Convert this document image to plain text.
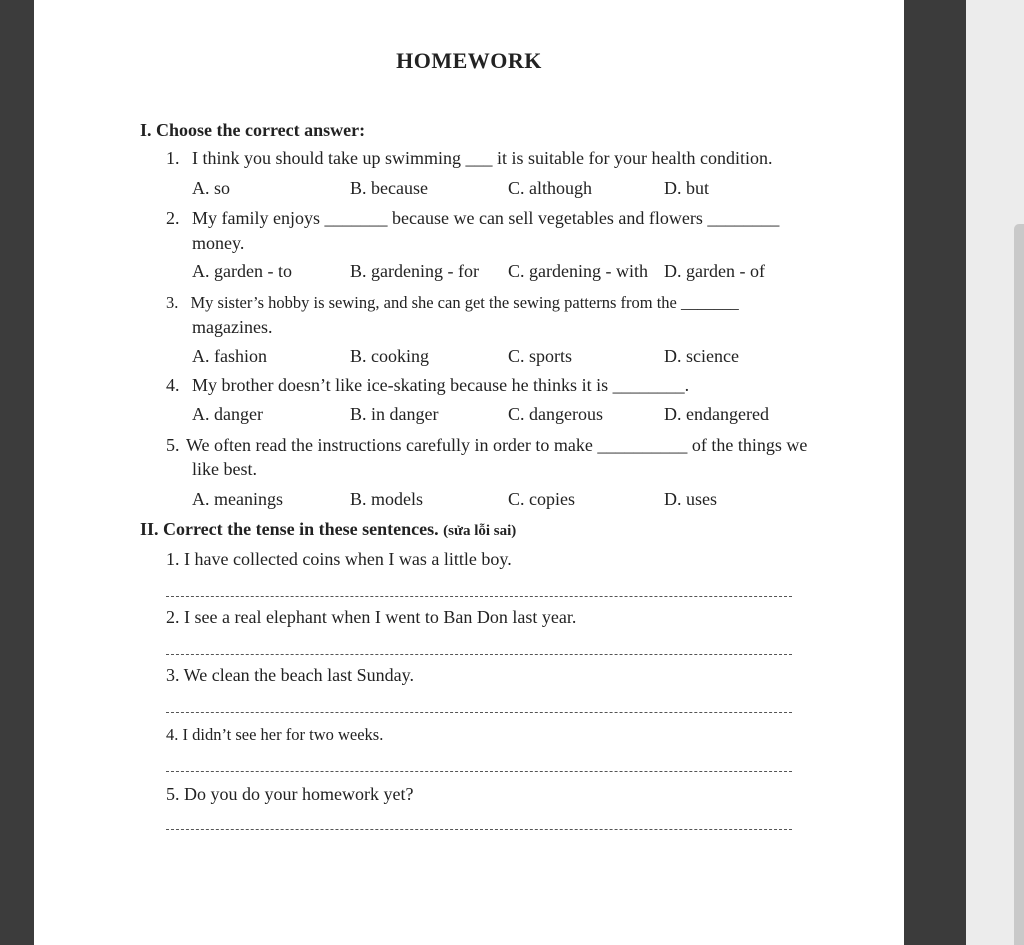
HOMEWORK
I. Choose the correct answer:
1. I think you should take up swimming ___ it is suitable for your health condition.
A. so	B. because	C. although	D. but
2. My family enjoys _______ because we can sell vegetables and flowers ________
money.
A. garden - to	B. gardening - for C. gardening - with D. garden - of
3. My sister’s hobby is sewing, and she can get the sewing patterns from the _______
magazines.
A. fashion	B. cooking	C. sports	D. science
4. My brother doesn’t like ice-skating because he thinks it is ________.
A. danger	B. in danger	C. dangerous	D. endangered
5. We often read the instructions carefully in order to make __________ of the things we
like best.
A. meanings	B. models	C. copies	D. uses
II. Correct the tense in these sentences. (sửa lỗi sai)
1. I have collected coins when I was a little boy.
2. I see a real elephant when I went to Ban Don last year.
3. We clean the beach last Sunday.
4. I didn’t see her for two weeks.
5. Do you do your homework yet?
